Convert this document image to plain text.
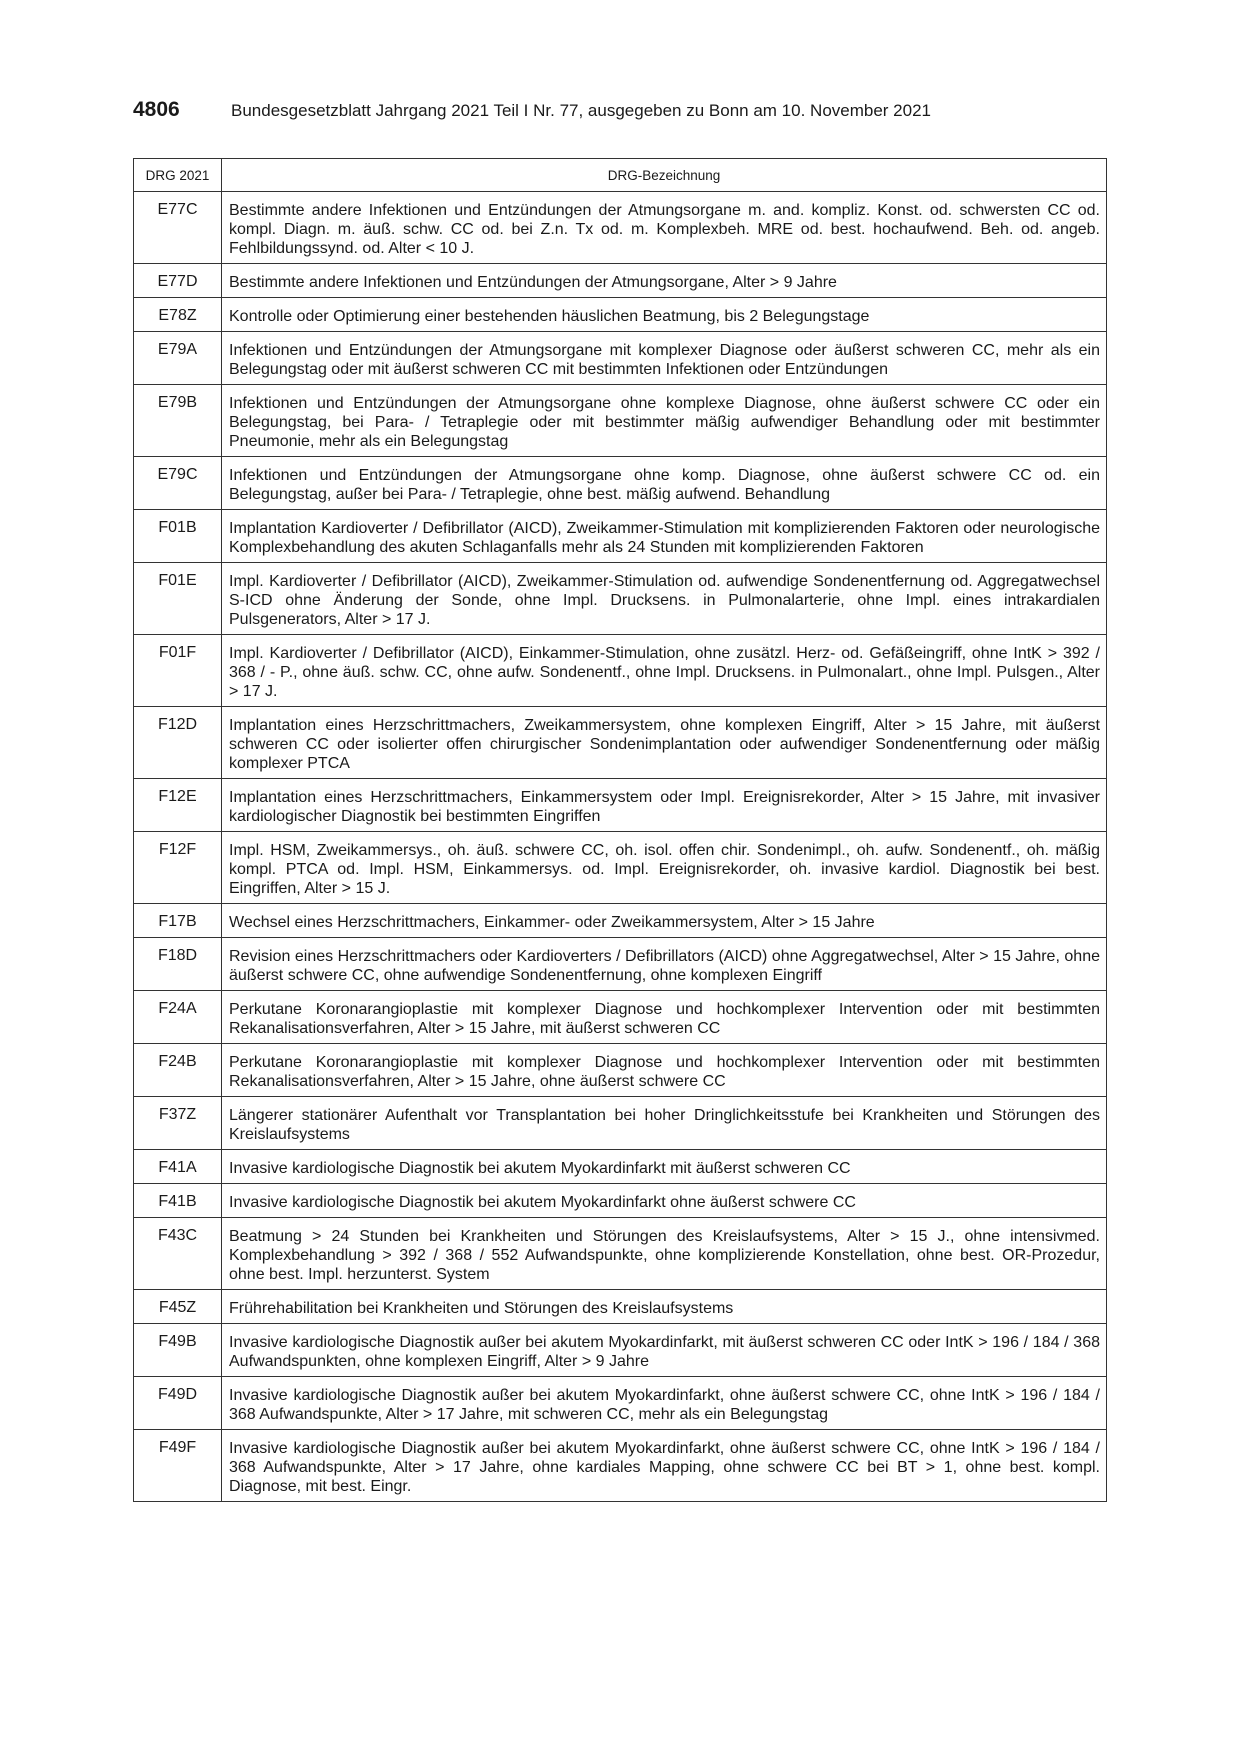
4806	Bundesgesetzblatt Jahrgang 2021 Teil I Nr. 77, ausgegeben zu Bonn am 10. November 2021
DRG 2021	DRG-Bezeichnung
E77C	Bestimmte andere Infektionen und Entzündungen der Atmungsorgane m. and. kompliz. Konst. od. schwersten CC od. kompl. Diagn. m. äuß. schw. CC od. bei Z.n. Tx od. m. Komplexbeh. MRE od. best. hochaufwend. Beh. od. angeb. Fehlbildungssynd. od. Alter < 10 J.
E77D	Bestimmte andere Infektionen und Entzündungen der Atmungsorgane, Alter > 9 Jahre
E78Z	Kontrolle oder Optimierung einer bestehenden häuslichen Beatmung, bis 2 Belegungstage
E79A	Infektionen und Entzündungen der Atmungsorgane mit komplexer Diagnose oder äußerst schweren CC, mehr als ein Belegungstag oder mit äußerst schweren CC mit bestimmten Infektionen oder Entzündungen
E79B	Infektionen und Entzündungen der Atmungsorgane ohne komplexe Diagnose, ohne äußerst schwere CC oder ein Belegungstag, bei Para- / Tetraplegie oder mit bestimmter mäßig aufwendiger Behandlung oder mit bestimmter Pneumonie, mehr als ein Belegungstag
E79C	Infektionen und Entzündungen der Atmungsorgane ohne komp. Diagnose, ohne äußerst schwere CC od. ein Belegungstag, außer bei Para- / Tetraplegie, ohne best. mäßig aufwend. Behandlung
F01B	Implantation Kardioverter / Defibrillator (AICD), Zweikammer-Stimulation mit komplizierenden Faktoren oder neurologische Komplexbehandlung des akuten Schlaganfalls mehr als 24 Stunden mit komplizierenden Faktoren
F01E	Impl. Kardioverter / Defibrillator (AICD), Zweikammer-Stimulation od. aufwendige Sondenentfernung od. Aggregatwechsel S-ICD ohne Änderung der Sonde, ohne Impl. Drucksens. in Pulmonalarterie, ohne Impl. eines intrakardialen Pulsgenerators, Alter > 17 J.
F01F	Impl. Kardioverter / Defibrillator (AICD), Einkammer-Stimulation, ohne zusätzl. Herz- od. Gefäßeingriff, ohne IntK > 392 / 368 / - P., ohne äuß. schw. CC, ohne aufw. Sondenentf., ohne Impl. Drucksens. in Pulmonalart., ohne Impl. Pulsgen., Alter > 17 J.
F12D	Implantation eines Herzschrittmachers, Zweikammersystem, ohne komplexen Eingriff, Alter > 15 Jahre, mit äußerst schweren CC oder isolierter offen chirurgischer Sondenimplantation oder aufwendiger Sondenentfernung oder mäßig komplexer PTCA
F12E	Implantation eines Herzschrittmachers, Einkammersystem oder Impl. Ereignisrekorder, Alter > 15 Jahre, mit invasiver kardiologischer Diagnostik bei bestimmten Eingriffen
F12F	Impl. HSM, Zweikammersys., oh. äuß. schwere CC, oh. isol. offen chir. Sondenimpl., oh. aufw. Sondenentf., oh. mäßig kompl. PTCA od. Impl. HSM, Einkammersys. od. Impl. Ereignisrekorder, oh. invasive kardiol. Diagnostik bei best. Eingriffen, Alter > 15 J.
F17B	Wechsel eines Herzschrittmachers, Einkammer- oder Zweikammersystem, Alter > 15 Jahre
F18D	Revision eines Herzschrittmachers oder Kardioverters / Defibrillators (AICD) ohne Aggregatwechsel, Alter > 15 Jahre, ohne äußerst schwere CC, ohne aufwendige Sondenentfernung, ohne komplexen Eingriff
F24A	Perkutane Koronarangioplastie mit komplexer Diagnose und hochkomplexer Intervention oder mit bestimmten Rekanalisationsverfahren, Alter > 15 Jahre, mit äußerst schweren CC
F24B	Perkutane Koronarangioplastie mit komplexer Diagnose und hochkomplexer Intervention oder mit bestimmten Rekanalisationsverfahren, Alter > 15 Jahre, ohne äußerst schwere CC
F37Z	Längerer stationärer Aufenthalt vor Transplantation bei hoher Dringlichkeitsstufe bei Krankheiten und Störungen des Kreislaufsystems
F41A	Invasive kardiologische Diagnostik bei akutem Myokardinfarkt mit äußerst schweren CC
F41B	Invasive kardiologische Diagnostik bei akutem Myokardinfarkt ohne äußerst schwere CC
F43C	Beatmung > 24 Stunden bei Krankheiten und Störungen des Kreislaufsystems, Alter > 15 J., ohne intensivmed. Komplexbehandlung > 392 / 368 / 552 Aufwandspunkte, ohne komplizierende Konstellation, ohne best. OR-Prozedur, ohne best. Impl. herzunterst. System
F45Z	Frührehabilitation bei Krankheiten und Störungen des Kreislaufsystems
F49B	Invasive kardiologische Diagnostik außer bei akutem Myokardinfarkt, mit äußerst schweren CC oder IntK > 196 / 184 / 368 Aufwandspunkten, ohne komplexen Eingriff, Alter > 9 Jahre
F49D	Invasive kardiologische Diagnostik außer bei akutem Myokardinfarkt, ohne äußerst schwere CC, ohne IntK > 196 / 184 / 368 Aufwandspunkte, Alter > 17 Jahre, mit schweren CC, mehr als ein Belegungstag
F49F	Invasive kardiologische Diagnostik außer bei akutem Myokardinfarkt, ohne äußerst schwere CC, ohne IntK > 196 / 184 / 368 Aufwandspunkte, Alter > 17 Jahre, ohne kardiales Mapping, ohne schwere CC bei BT > 1, ohne best. kompl. Diagnose, mit best. Eingr.
